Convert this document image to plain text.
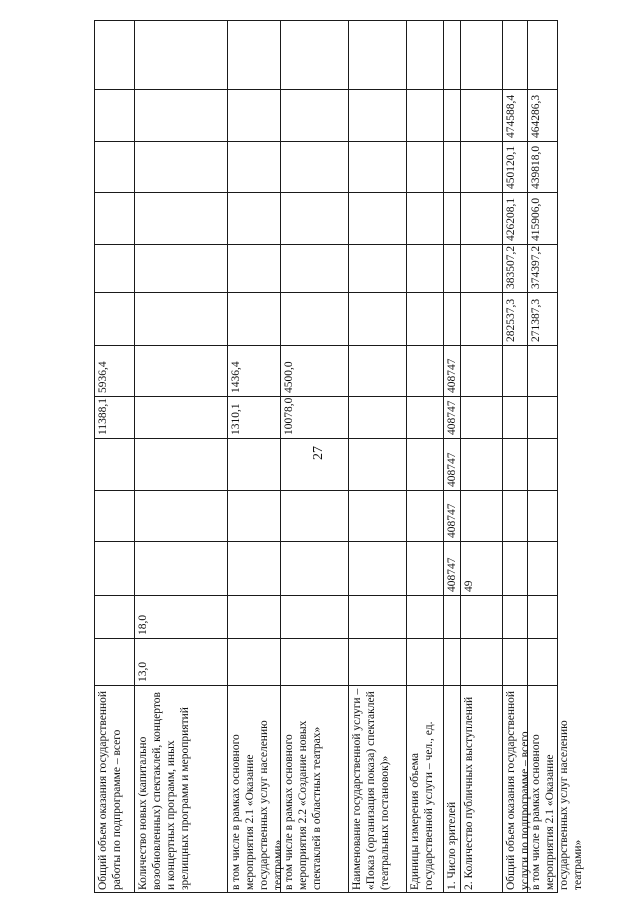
27
Общий объем оказания государственной работы по подпрограмме – всего
11388,1
5936,4
Количество новых (капитально возобновленных) спектаклей, концертов и концертных программ, иных зрелищных программ и мероприятий
13,0
18,0
в том числе в рамках основного мероприятия 2.1 «Оказание государственных услуг населению театрами»
1310,1
1436,4
в том числе в рамках основного мероприятия 2.2 «Создание новых спектаклей в областных театрах»
10078,0
4500,0
Наименование государственной услуги – «Показ (организация показа) спектаклей (театральных постановок)» Единицы измерения объема государственной услуги – чел., ед. 1. Число зрителей
408747
408747
408747
408747
408747
2. Количество публичных выступлений
49
Общий объем оказания государственной услуги по подпрограмме – всего
282537,3
383507,2
426208,1
450120,1
474588,4
в том числе в рамках основного мероприятия 2.1 «Оказание государственных услуг населению театрами»
271387,3
374397,2
415906,0
439818,0
464286,3
